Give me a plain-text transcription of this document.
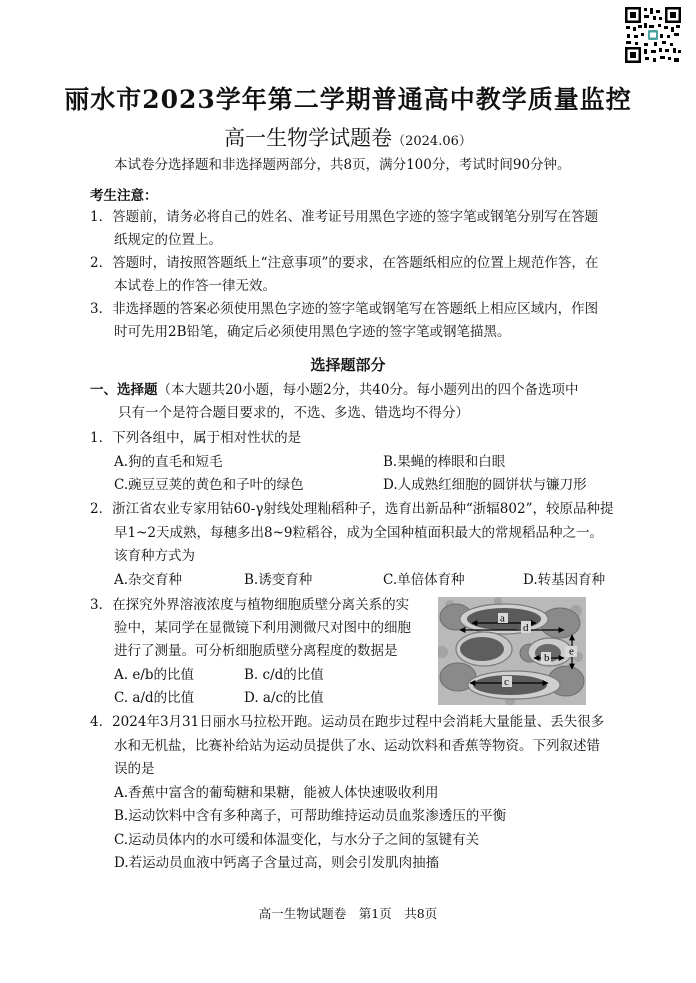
丽水市2023学年第二学期普通高中教学质量监控
高一生物学试题卷（2024.06）
本试卷分选择题和非选择题两部分，共8页，满分100分，考试时间90分钟。
考生注意：
1．答题前，请务必将自己的姓名、准考证号用黑色字迹的签字笔或钢笔分别写在答题
纸规定的位置上。
2．答题时，请按照答题纸上“注意事项”的要求，在答题纸相应的位置上规范作答，在
本试卷上的作答一律无效。
3．非选择题的答案必须使用黑色字迹的签字笔或钢笔写在答题纸上相应区域内，作图
时可先用2B铅笔，确定后必须使用黑色字迹的签字笔或钢笔描黑。
选择题部分
一、选择题（本大题共20小题，每小题2分，共40分。每小题列出的四个备选项中
只有一个是符合题目要求的，不选、多选、错选均不得分）
1．下列各组中，属于相对性状的是
A.狗的直毛和短毛	B.果蝇的棒眼和白眼
C.豌豆豆荚的黄色和子叶的绿色	D.人成熟红细胞的圆饼状与镰刀形
2．浙江省农业专家用钴60-γ射线处理籼稻种子，选育出新品种“浙辐802”，较原品种提
早1~2天成熟，每穗多出8~9粒稻谷，成为全国种植面积最大的常规稻品种之一。
该育种方式为
A.杂交育种	B.诱变育种	C.单倍体育种	D.转基因育种
3．在探究外界溶液浓度与植物细胞质壁分离关系的实
验中，某同学在显微镜下利用测微尺对图中的细胞
进行了测量。可分析细胞质壁分离程度的数据是
A. e/b的比值	B. c/d的比值
C. a/d的比值	D. a/c的比值
a
d
b
e
c
4．2024年3月31日丽水马拉松开跑。运动员在跑步过程中会消耗大量能量、丢失很多
水和无机盐，比赛补给站为运动员提供了水、运动饮料和香蕉等物资。下列叙述错
误的是
A.香蕉中富含的葡萄糖和果糖，能被人体快速吸收利用
B.运动饮料中含有多种离子，可帮助维持运动员血浆渗透压的平衡
C.运动员体内的水可缓和体温变化，与水分子之间的氢键有关
D.若运动员血液中钙离子含量过高，则会引发肌肉抽搐
高一生物试题卷　第1页　共8页
